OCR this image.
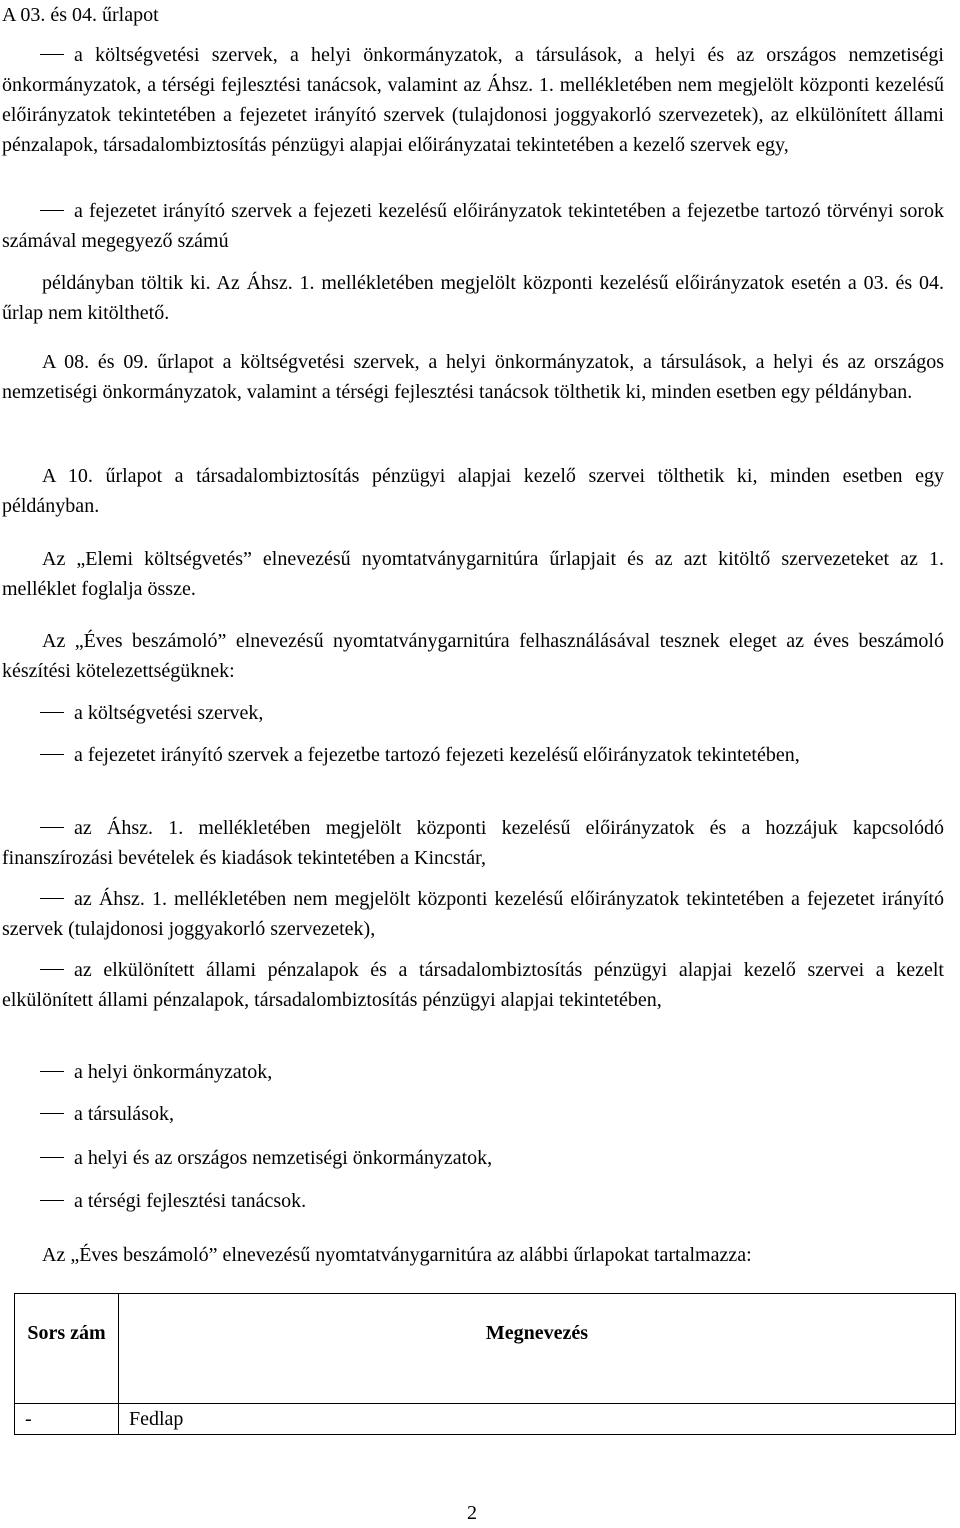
A 03. és 04. űrlapot

a költségvetési szervek, a helyi önkormányzatok, a társulások, a helyi és az országos nemzetiségi önkormányzatok, a térségi fejlesztési tanácsok, valamint az Áhsz. 1. mellékletében nem megjelölt központi kezelésű előirányzatok tekintetében a fejezetet irányító szervek (tulajdonosi joggyakorló szervezetek), az elkülönített állami pénzalapok, társadalombiztosítás pénzügyi alapjai előirányzatai tekintetében a kezelő szervek egy,

a fejezetet irányító szervek a fejezeti kezelésű előirányzatok tekintetében a fejezetbe tartozó törvényi sorok számával megegyező számú

példányban töltik ki. Az Áhsz. 1. mellékletében megjelölt központi kezelésű előirányzatok esetén a 03. és 04. űrlap nem kitölthető.

A 08. és 09. űrlapot a költségvetési szervek, a helyi önkormányzatok, a társulások, a helyi és az országos nemzetiségi önkormányzatok, valamint a térségi fejlesztési tanácsok tölthetik ki, minden esetben egy példányban.

A 10. űrlapot a társadalombiztosítás pénzügyi alapjai kezelő szervei tölthetik ki, minden esetben egy példányban.

Az „Elemi költségvetés” elnevezésű nyomtatványgarnitúra űrlapjait és az azt kitöltő szervezeteket az 1. melléklet foglalja össze.

Az „Éves beszámoló” elnevezésű nyomtatványgarnitúra felhasználásával tesznek eleget az éves beszámoló készítési kötelezettségüknek:

a költségvetési szervek,

a fejezetet irányító szervek a fejezetbe tartozó fejezeti kezelésű előirányzatok tekintetében,

az Áhsz. 1. mellékletében megjelölt központi kezelésű előirányzatok és a hozzájuk kapcsolódó finanszírozási bevételek és kiadások tekintetében a Kincstár,

az Áhsz. 1. mellékletében nem megjelölt központi kezelésű előirányzatok tekintetében a fejezetet irányító szervek (tulajdonosi joggyakorló szervezetek),

az elkülönített állami pénzalapok és a társadalombiztosítás pénzügyi alapjai kezelő szervei a kezelt elkülönített állami pénzalapok, társadalombiztosítás pénzügyi alapjai tekintetében,

a helyi önkormányzatok,

a társulások,

a helyi és az országos nemzetiségi önkormányzatok,

a térségi fejlesztési tanácsok.

Az „Éves beszámoló” elnevezésű nyomtatványgarnitúra az alábbi űrlapokat tartalmazza:

Sors zám	Megnevezés
-	Fedlap
2
